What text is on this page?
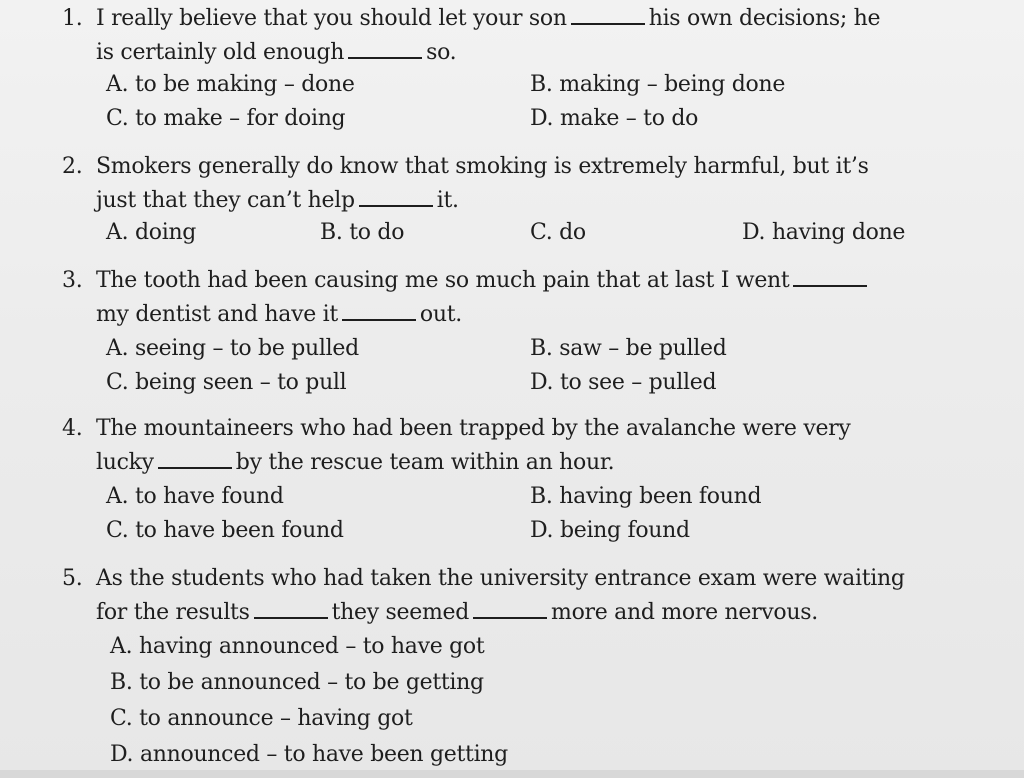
1. I really believe that you should let your son	his own decisions; he
is certainly old enough	so.
A. to be making – done	B. making – being done
C. to make – for doing	D. make – to do
2. Smokers generally do know that smoking is extremely harmful, but it’s
just that they can’t help	it.
A. doing	B. to do	C. do	D. having done
3. The tooth had been causing me so much pain that at last I went
my dentist and have it	out.
A. seeing – to be pulled	B. saw – be pulled
C. being seen – to pull	D. to see – pulled
4. The mountaineers who had been trapped by the avalanche were very
lucky	by the rescue team within an hour.
A. to have found	B. having been found
C. to have been found	D. being found
5. As the students who had taken the university entrance exam were waiting
for the results	they seemed	more and more nervous.
A. having announced – to have got
B. to be announced – to be getting
C. to announce – having got
D. announced – to have been getting
